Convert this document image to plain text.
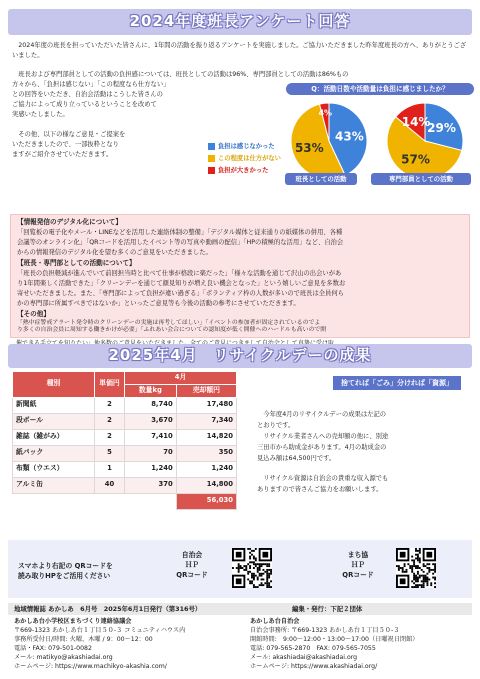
2024年度班長アンケート回答
　2024年度の班長を担っていただいた皆さんに、1年間の活動を振り返るアンケートを実施しました。ご協力いただきました昨年度班長の方へ、ありがとうございました。
　班長および専門部員としての活動の負担感については、班長としての活動は96%、専門部員としての活動は86%もの
方々から、「負担は感じない」「この程度なら仕方ない」
との回答をいただき、自治会活動はこうした皆さんの
ご協力によって成り立っているということを改めて
実感いたしました。
　その他、以下の様なご意見・ご提案を
いただきましたので、一部抜粋となり
ますがご紹介させていただきます。
負担は感じなかった
この程度は仕方がない
負担が大きかった
Q：活動日数や活動量は負担に感じましたか？
43%
53%
4%
29%
57%
14%
班長としての活動	専門部員としての活動
【情報発信のデジタル化について】
「回覧板の電子化やメール・LINEなどを活用した連絡体制の整備」「デジタル媒体と従来通りの紙媒体の併用、各種
会議等のオンライン化」「QRコードを活用したイベント等の写真や動画の配信」「HPの積極的な活用」など、自治会
からの情報発信のデジタル化を望む多くのご意見をいただきました。
【班長・専門部としての活動について】
「班長の負担軽減が進んでいて前回担当時と比べて仕事が格段に楽だった」「様々な活動を通じて沢山の出会いがあ
り1年間楽しく活動できた」「クリーンデーを通じて顔見知りが増え良い機会となった」という嬉しいご意見を多数お
寄せいただきました。また、「専門部によって負担が違い過ぎる」「ボランティア枠の人数が多いので班長は全員何ら
かの専門部に所属すべきではないか」といったご意見等も今後の活動の参考にさせていただきます。
【その他】
「熱中症警戒アラート発令時のクリーンデーの実施は再考してほしい」「イベントの参加者が固定されているのでよ
り多くの自治会員に周知する働きかけが必要」「ふれあい会合についての認知度が低く開催へのハードルも高いので開
2025年4月　リサイクルデーの成果
種別	単価円	4月	
		数量kg	売却額円
新聞紙	2	8,740	17,480
段ボール	2	3,670	7,340
雑誌（雑がみ）	2	7,410	14,820
紙パック	5	70	350
布類（ウエス）	1	1,240	1,240
アルミ缶	40	370	14,800
			56,030
捨てれば「ごみ」分ければ「資源」
　今年度4月のリサイクルデーの成果は左記の
とおりです。
　リサイクル業者さんへの売却額の他に、別途
三田市から助成金があります。4月の助成金の
見込み額は64,500円です。
　リサイクル資源は自治会の貴重な収入源でも
ありますので皆さんご協力をお願いします。
スマホより右記の QRコードを
読み取りHPをご活用ください
自治会
ＨＰ
QRコード
まち協
ＨＰ
QRコード
地域情報誌 あかしあ　6月号　2025年6月1日発行（第316号）	編集・発行：下記２団体
あかしあ台小学校区まちづくり連絡協議会
〒669-1323 あかしあ台１丁目５０-３ コミュニティハウス内
事務所受付日/時間: 火曜、木曜 / 9：00～12：00
電話・FAX: 079-501-0082
メール: matikyo@akashiadai.org
ホームページ: https://www.machikyo-akashia.com/
あかしあ台自治会
自治会事務所: 〒669-1323 あかしあ台１丁目５０-３
開館時間:　9:00～12:00・13:00～17:00（日曜祝日閉館）
電話: 079-565-2870　FAX: 079-565-7055
メール: akashiadai@akashiadai.org
ホームページ: https://www.akashiadai.org/
